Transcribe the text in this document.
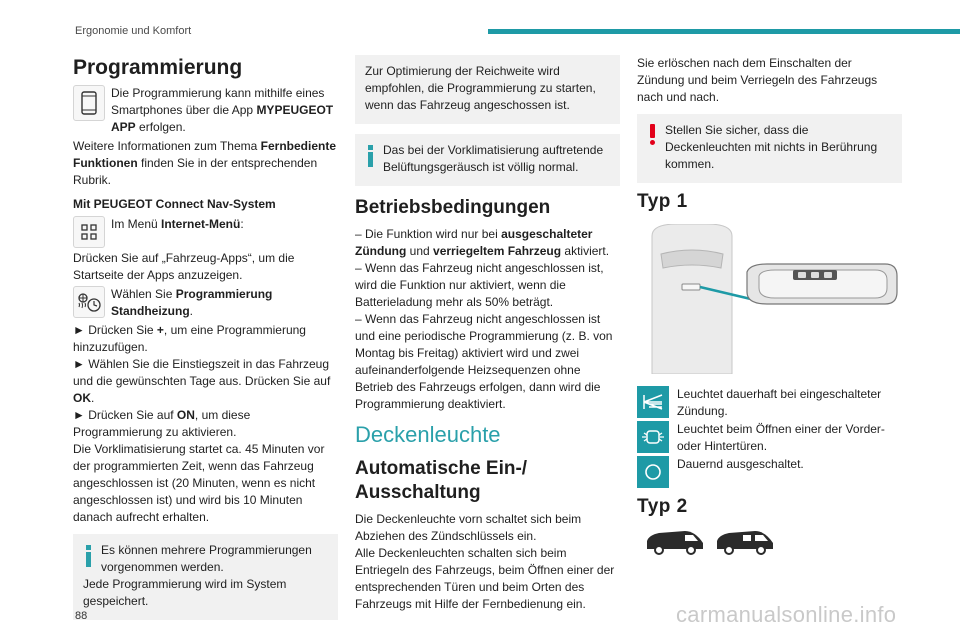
Ergonomie und Komfort
Programmierung

Die Programmierung kann mithilfe eines Smartphones über die App MYPEUGEOT APP erfolgen.

Weitere Informationen zum Thema Fernbediente Funktionen finden Sie in der entsprechenden Rubrik.

Mit PEUGEOT Connect Nav-System

Im Menü Internet-Menü:

Drücken Sie auf „Fahrzeug-Apps“, um die Startseite der Apps anzuzeigen.

Wählen Sie Programmierung Standheizung.

► Drücken Sie +, um eine Programmierung hinzuzufügen.

► Wählen Sie die Einstiegszeit in das Fahrzeug und die gewünschten Tage aus. Drücken Sie auf OK.

► Drücken Sie auf ON, um diese Programmierung zu aktivieren.

Die Vorklimatisierung startet ca. 45 Minuten vor der programmierten Zeit, wenn das Fahrzeug angeschlossen ist (20 Minuten, wenn es nicht angeschlossen ist) und wird bis 10 Minuten danach aufrecht erhalten.

Es können mehrere Programmierungen vorgenommen werden.

Jede Programmierung wird im System gespeichert.

Zur Optimierung der Reichweite wird empfohlen, die Programmierung zu starten, wenn das Fahrzeug angeschossen ist.

Das bei der Vorklimatisierung auftretende Belüftungsgeräusch ist völlig normal.

Betriebsbedingungen

– Die Funktion wird nur bei ausgeschalteter Zündung und verriegeltem Fahrzeug aktiviert.

– Wenn das Fahrzeug nicht angeschlossen ist, wird die Funktion nur aktiviert, wenn die Batterieladung mehr als 50% beträgt.

– Wenn das Fahrzeug nicht angeschlossen ist und eine periodische Programmierung (z. B. von Montag bis Freitag) aktiviert wird und zwei aufeinanderfolgende Heizsequenzen ohne Betrieb des Fahrzeugs erfolgen, dann wird die Programmierung deaktiviert.

Deckenleuchte
Automatische Ein-/ Ausschaltung

Die Deckenleuchte vorn schaltet sich beim Abziehen des Zündschlüssels ein.

Alle Deckenleuchten schalten sich beim Entriegeln des Fahrzeugs, beim Öffnen einer der entsprechenden Türen und beim Orten des Fahrzeugs mit Hilfe der Fernbedienung ein.

Sie erlöschen nach dem Einschalten der Zündung und beim Verriegeln des Fahrzeugs nach und nach.

Stellen Sie sicher, dass die Deckenleuchten mit nichts in Berührung kommen.

Typ 1

Leuchtet dauerhaft bei eingeschalteter Zündung.

Leuchtet beim Öffnen einer der Vorder- oder Hintertüren.

Dauernd ausgeschaltet.

Typ 2
88	carmanualsonline.info
